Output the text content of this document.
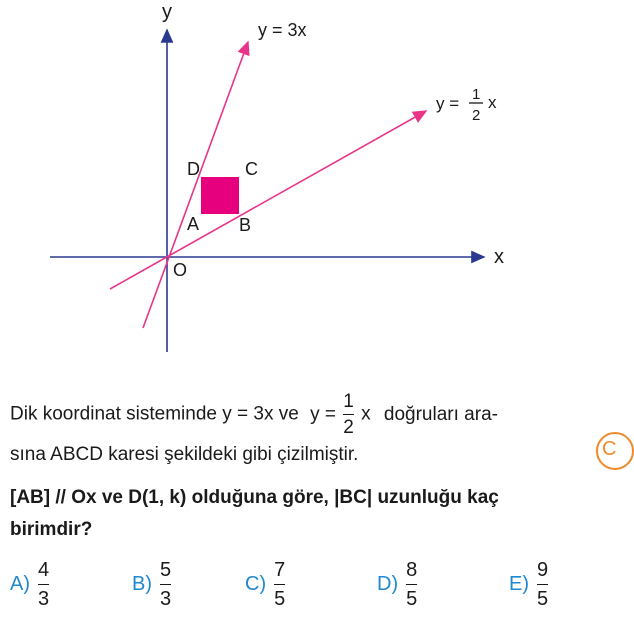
y
x
O
y = 3x
y = 1
2
x
D	C
A B
Dik koordinat sisteminde y = 3x ve $y = \frac{1}{2}$ x doğruları ara-
sına ABCD karesi şekildeki gibi çizilmiştir.	C
[AB] // Ox ve D(1, k) olduğuna göre, |BC| uzunluğu kaç
birimdir?
$A) \frac{4}{3}$	$B) \frac{5}{3}$	$C) \frac{7}{5}$	$D) \frac{8}{5}$	$E) \frac{9}{5}$
